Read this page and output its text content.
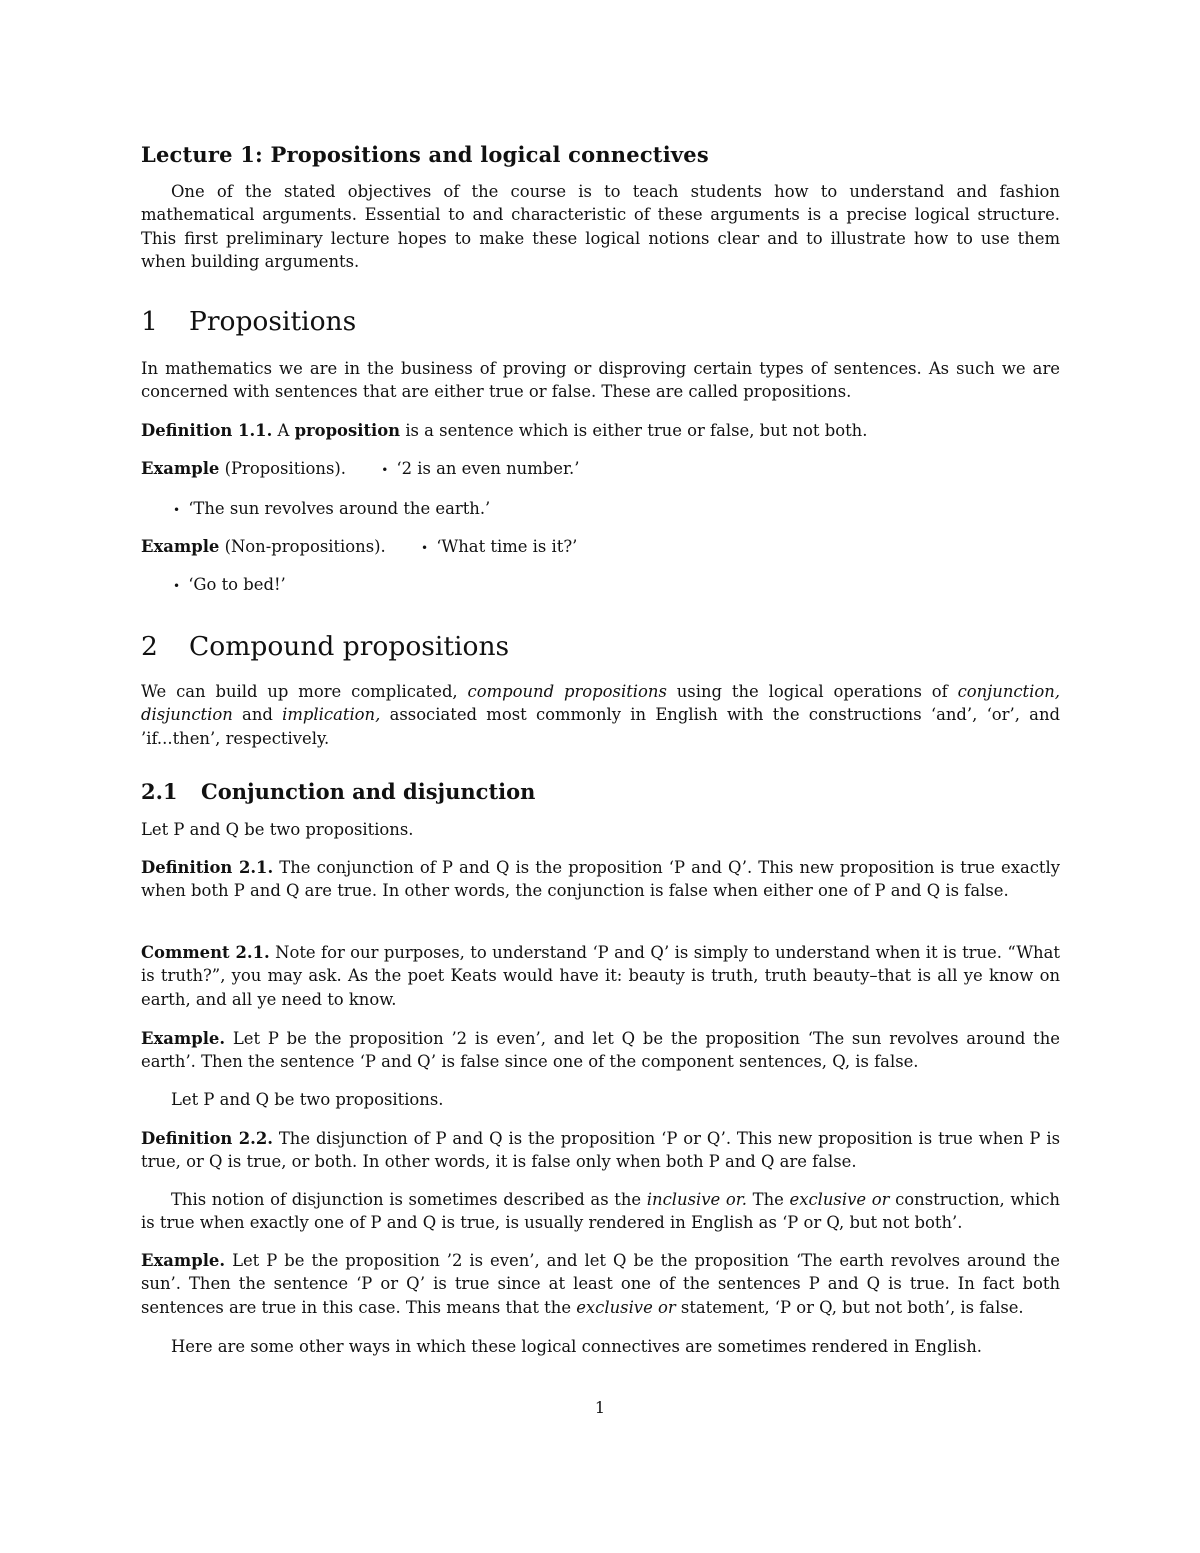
Lecture 1: Propositions and logical connectives

One of the stated objectives of the course is to teach students how to understand and fashion mathematical arguments. Essential to and characteristic of these arguments is a precise logical structure. This first preliminary lecture hopes to make these logical notions clear and to illustrate how to use them when building arguments.

1 Propositions

In mathematics we are in the business of proving or disproving certain types of sentences. As such we are concerned with sentences that are either true or false. These are called propositions.

Definition 1.1. A proposition is a sentence which is either true or false, but not both.

Example (Propositions).	• ‘2 is an even number.’

• ‘The sun revolves around the earth.’

Example (Non-propositions).	• ‘What time is it?’

• ‘Go to bed!’

2 Compound propositions

We can build up more complicated, compound propositions using the logical operations of conjunction, disjunction and implication, associated most commonly in English with the constructions ‘and’, ‘or’, and ’if...then’, respectively.

2.1 Conjunction and disjunction

Let P and Q be two propositions.

Definition 2.1. The conjunction of P and Q is the proposition ‘P and Q’. This new proposition is true exactly when both P and Q are true. In other words, the conjunction is false when either one of P and Q is false.

Comment 2.1. Note for our purposes, to understand ‘P and Q’ is simply to understand when it is true. “What is truth?”, you may ask. As the poet Keats would have it: beauty is truth, truth beauty–that is all ye know on earth, and all ye need to know.

Example. Let P be the proposition ’2 is even’, and let Q be the proposition ‘The sun revolves around the earth’. Then the sentence ‘P and Q’ is false since one of the component sentences, Q, is false.

Let P and Q be two propositions.

Definition 2.2. The disjunction of P and Q is the proposition ‘P or Q’. This new proposition is true when P is true, or Q is true, or both. In other words, it is false only when both P and Q are false.

This notion of disjunction is sometimes described as the inclusive or. The exclusive or construction, which is true when exactly one of P and Q is true, is usually rendered in English as ‘P or Q, but not both’.

Example. Let P be the proposition ’2 is even’, and let Q be the proposition ‘The earth revolves around the sun’. Then the sentence ‘P or Q’ is true since at least one of the sentences P and Q is true. In fact both sentences are true in this case. This means that the exclusive or statement, ‘P or Q, but not both’, is false.

Here are some other ways in which these logical connectives are sometimes rendered in English.

1
